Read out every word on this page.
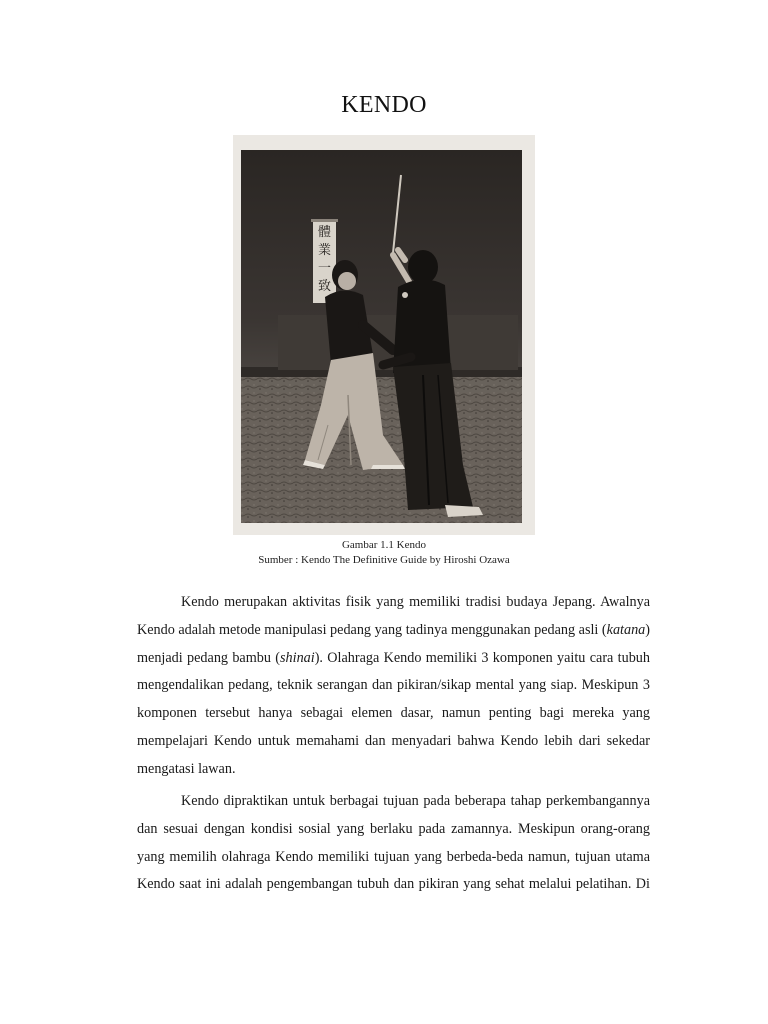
KENDO
體
業
一
致
Gambar 1.1 Kendo
Sumber : Kendo The Definitive Guide by Hiroshi Ozawa
Kendo merupakan aktivitas fisik yang memiliki tradisi budaya Jepang. Awalnya
Kendo adalah metode manipulasi pedang yang tadinya menggunakan pedang asli (katana)
menjadi pedang bambu (shinai). Olahraga Kendo memiliki 3 komponen yaitu cara tubuh
mengendalikan pedang, teknik serangan dan pikiran/sikap mental yang siap. Meskipun 3
komponen tersebut hanya sebagai elemen dasar, namun penting bagi mereka yang
mempelajari Kendo untuk memahami dan menyadari bahwa Kendo lebih dari sekedar
mengatasi lawan.
Kendo dipraktikan untuk berbagai tujuan pada beberapa tahap perkembangannya
dan sesuai dengan kondisi sosial yang berlaku pada zamannya. Meskipun orang-orang
yang memilih olahraga Kendo memiliki tujuan yang berbeda-beda namun, tujuan utama
Kendo saat ini adalah pengembangan tubuh dan pikiran yang sehat melalui pelatihan. Di
